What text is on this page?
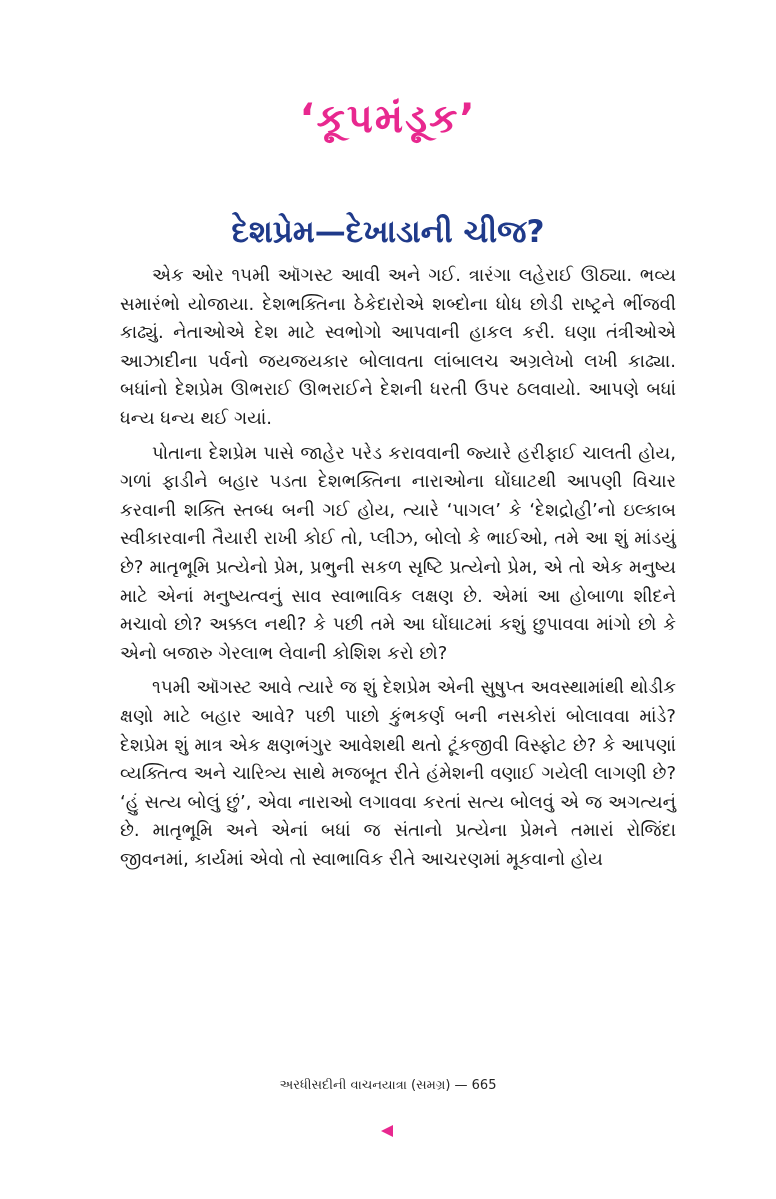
‘કૂપમંડૂક’
દેશપ્રેમ—દેખાડાની ચીજ?

એક ઓર ૧૫મી ઑગસ્ટ આવી અને ગઈ. ત્રારંગા લહેરાઈ ઊઠ્યા. ભવ્ય સમારંભો યોજાયા. દેશભક્તિના ઠેકેદારોએ શબ્દોના ધોધ છોડી રાષ્ટ્રને ભીંજવી કાઢ્યું. નેતાઓએ દેશ માટે સ્વભોગો આપવાની હાકલ કરી. ઘણા તંત્રીઓએ આઝાદીના પર્વનો જયજયકાર બોલાવતા લાંબાલચ અગ્રલેખો લખી કાઢ્યા. બધાંનો દેશપ્રેમ ઊભરાઈ ઊભરાઈને દેશની ધરતી ઉપર ઠલવાયો. આપણે બધાં ધન્ય ધન્ય થઈ ગયાં.

પોતાના દેશપ્રેમ પાસે જાહેર પરેડ કરાવવાની જ્યારે હરીફાઈ ચાલતી હોય, ગળાં ફાડીને બહાર પડતા દેશભક્તિના નારાઓના ઘોંઘાટથી આપણી વિચાર કરવાની શક્તિ સ્તબ્ધ બની ગઈ હોય, ત્યારે ‘પાગલ’ કે ‘દેશદ્રોહી’નો ઇલ્કાબ સ્વીકારવાની તૈયારી રાખી કોઈ તો, પ્લીઝ, બોલો કે ભાઈઓ, તમે આ શું માંડયું છે? માતૃભૂમિ પ્રત્યેનો પ્રેમ, પ્રભુની સકળ સૃષ્ટિ પ્રત્યેનો પ્રેમ, એ તો એક મનુષ્ય માટે એનાં મનુષ્યત્વનું સાવ સ્વાભાવિક લક્ષણ છે. એમાં આ હોબાળા શીદને મચાવો છો? અક્કલ નથી? કે પછી તમે આ ઘોંઘાટમાં કશું છુપાવવા માંગો છો કે એનો બજારુ ગેરલાભ લેવાની કોશિશ કરો છો?

૧૫મી ઑગસ્ટ આવે ત્યારે જ શું દેશપ્રેમ એની સુષુપ્ત અવસ્થામાંથી થોડીક ક્ષણો માટે બહાર આવે? પછી પાછો કુંભકર્ણ બની નસકોરાં બોલાવવા માંડે? દેશપ્રેમ શું માત્ર એક ક્ષણભંગુર આવેશથી થતો ટૂંકજીવી વિસ્ફોટ છે? કે આપણાં વ્યક્તિત્વ અને ચારિત્ર્ય સાથે મજબૂત રીતે હંમેશની વણાઈ ગયેલી લાગણી છે? ‘હું સત્ય બોલું છું’, એવા નારાઓ લગાવવા કરતાં સત્ય બોલવું એ જ અગત્યનું છે. માતૃભૂમિ અને એનાં બધાં જ સંતાનો પ્રત્યેના પ્રેમને તમારાં રોજિંદા જીવનમાં, કાર્યમાં એવો તો સ્વાભાવિક રીતે આચરણમાં મૂકવાનો હોય

અરધીસદીની વાચનયાત્રા (સમગ્ર) — 665
